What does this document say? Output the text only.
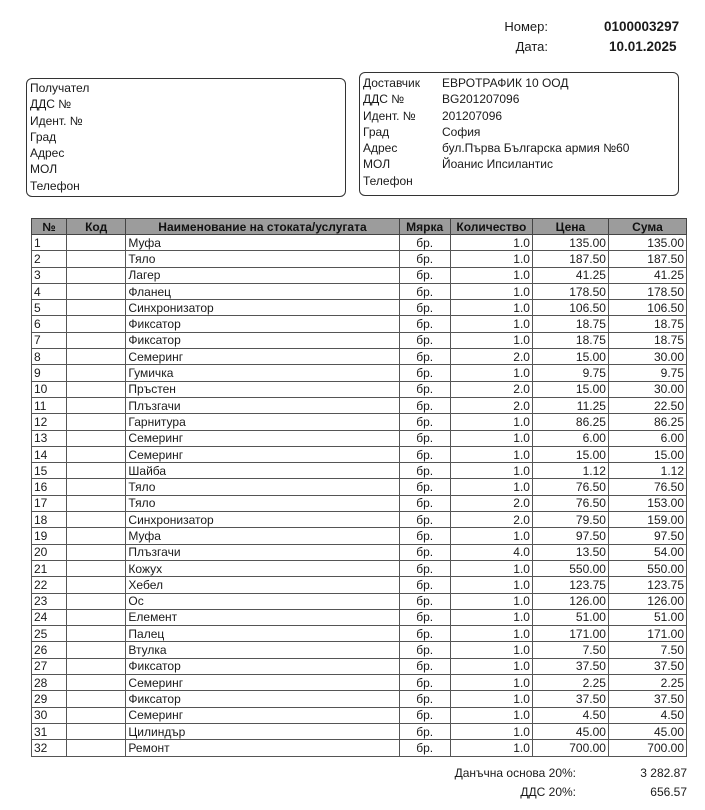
Номер:	0100003297
Дата:	10.01.2025
Получател
ДДС №
Идент. №
Град
Адрес
МОЛ
Телефон
Доставчик ЕВРОТРАФИК 10 ООД
ДДС №	BG201207096
Идент. № 201207096
Град	София
Адрес	бул.Първа Българска армия №60
МОЛ	Йоанис Ипсилантис
Телефон
№	Код	Наименование на стоката/услугата	Мярка	Количество	Цена	Сума
1		Муфа	бр.	1.0	135.00	135.00
2		Тяло	бр.	1.0	187.50	187.50
3		Лагер	бр.	1.0	41.25	41.25
4		Фланец	бр.	1.0	178.50	178.50
5		Синхронизатор	бр.	1.0	106.50	106.50
6		Фиксатор	бр.	1.0	18.75	18.75
7		Фиксатор	бр.	1.0	18.75	18.75
8		Семеринг	бр.	2.0	15.00	30.00
9		Гумичка	бр.	1.0	9.75	9.75
10		Пръстен	бр.	2.0	15.00	30.00
11		Плъзгачи	бр.	2.0	11.25	22.50
12		Гарнитура	бр.	1.0	86.25	86.25
13		Семеринг	бр.	1.0	6.00	6.00
14		Семеринг	бр.	1.0	15.00	15.00
15		Шайба	бр.	1.0	1.12	1.12
16		Тяло	бр.	1.0	76.50	76.50
17		Тяло	бр.	2.0	76.50	153.00
18		Синхронизатор	бр.	2.0	79.50	159.00
19		Муфа	бр.	1.0	97.50	97.50
20		Плъзгачи	бр.	4.0	13.50	54.00
21		Кожух	бр.	1.0	550.00	550.00
22		Хебел	бр.	1.0	123.75	123.75
23		Ос	бр.	1.0	126.00	126.00
24		Елемент	бр.	1.0	51.00	51.00
25		Палец	бр.	1.0	171.00	171.00
26		Втулка	бр.	1.0	7.50	7.50
27		Фиксатор	бр.	1.0	37.50	37.50
28		Семеринг	бр.	1.0	2.25	2.25
29		Фиксатор	бр.	1.0	37.50	37.50
30		Семеринг	бр.	1.0	4.50	4.50
31		Цилиндър	бр.	1.0	45.00	45.00
32		Ремонт	бр.	1.0	700.00	700.00
Данъчна основа 20%:	3 282.87
ДДС 20%:	656.57
